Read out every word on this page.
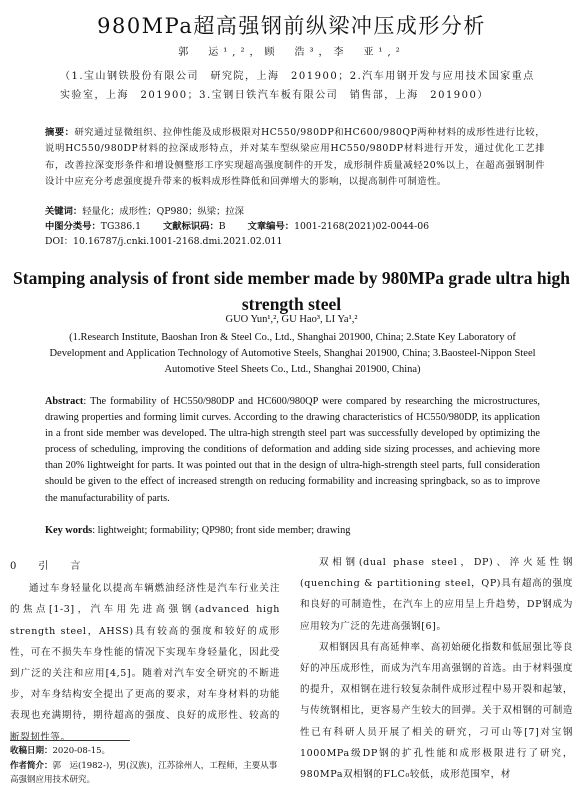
980MPa超高强钢前纵梁冲压成形分析
郭　运¹,²，顾　浩³，李　亚¹,²
（1.宝山钢铁股份有限公司　研究院，上海　201900；2.汽车用钢开发与应用技术国家重点实验室，上海　201900；3.宝钢日铁汽车板有限公司　销售部，上海　201900）
摘要：研究通过显微组织、拉伸性能及成形极限对HC550/980DP和HC600/980QP两种材料的成形性进行比较，说明HC550/980DP材料的拉深成形特点，并对某车型纵梁应用HC550/980DP材料进行开发，通过优化工艺排布，改善拉深变形条件和增设侧整形工序实现超高强度制件的开发，成形制件质量减轻20%以上，在超高强钢制件设计中应充分考虑强度提升带来的板料成形性降低和回弹增大的影响，以提高制件可制造性。
关键词：轻量化；成形性；QP980；纵梁；拉深
中图分类号：TG386.1 文献标识码：B 文章编号：1001-2168(2021)02-0044-06
DOI：10.16787/j.cnki.1001-2168.dmi.2021.02.011
Stamping analysis of front side member made by 980MPa grade ultra high strength steel
GUO Yun¹,², GU Hao³, LI Ya¹,²
(1.Research Institute, Baoshan Iron & Steel Co., Ltd., Shanghai 201900, China; 2.State Key Laboratory of Development and Application Technology of Automotive Steels, Shanghai 201900, China; 3.Baosteel-Nippon Steel Automotive Steel Sheets Co., Ltd., Shanghai 201900, China)
Abstract: The formability of HC550/980DP and HC600/980QP were compared by researching the microstructures, drawing properties and forming limit curves. According to the drawing characteristics of HC550/980DP, its application in a front side member was developed. The ultra-high strength steel part was successfully developed by optimizing the process of scheduling, improving the conditions of deformation and adding side sizing processes, and achieving more than 20% lightweight for parts. It was pointed out that in the design of ultra-high-strength steel parts, full consideration should be given to the effect of increased strength on reducing formability and increasing springback, so as to improve the manufacturability of parts.
Key words: lightweight; formability; QP980; front side member; drawing
0　引　言

通过车身轻量化以提高车辆燃油经济性是汽车行业关注的焦点[1-3]，汽车用先进高强钢(advanced high strength steel，AHSS)具有较高的强度和较好的成形性，可在不损失车身性能的情况下实现车身轻量化，因此受到广泛的关注和应用[4,5]。随着对汽车安全研究的不断进步，对车身结构安全提出了更高的要求，对车身材料的功能表现也充满期待，期待超高的强度、良好的成形性、较高的断裂韧性等。

双相钢(dual phase steel，DP)、淬火延性钢(quenching & partitioning steel，QP)具有超高的强度和良好的可制造性，在汽车上的应用呈上升趋势，DP钢成为应用较为广泛的先进高强钢[6]。

双相钢因具有高延伸率、高初始硬化指数和低屈强比等良好的冲压成形性，而成为汽车用高强钢的首选。由于材料强度的提升，双相钢在进行较复杂制件成形过程中易开裂和起皱，与传统钢相比，更容易产生较大的回弹。关于双相钢的可制造性已有科研人员开展了相关的研究，刁可山等[7]对宝钢1000MPa级DP钢的扩孔性能和成形极限进行了研究，980MPa双相钢的FLC₀较低，成形范围窄，材

收稿日期：2020-08-15。
作者简介：郭　运(1982-)，男(汉族)，江苏徐州人，工程师，主要从事高强钢应用技术研究。
